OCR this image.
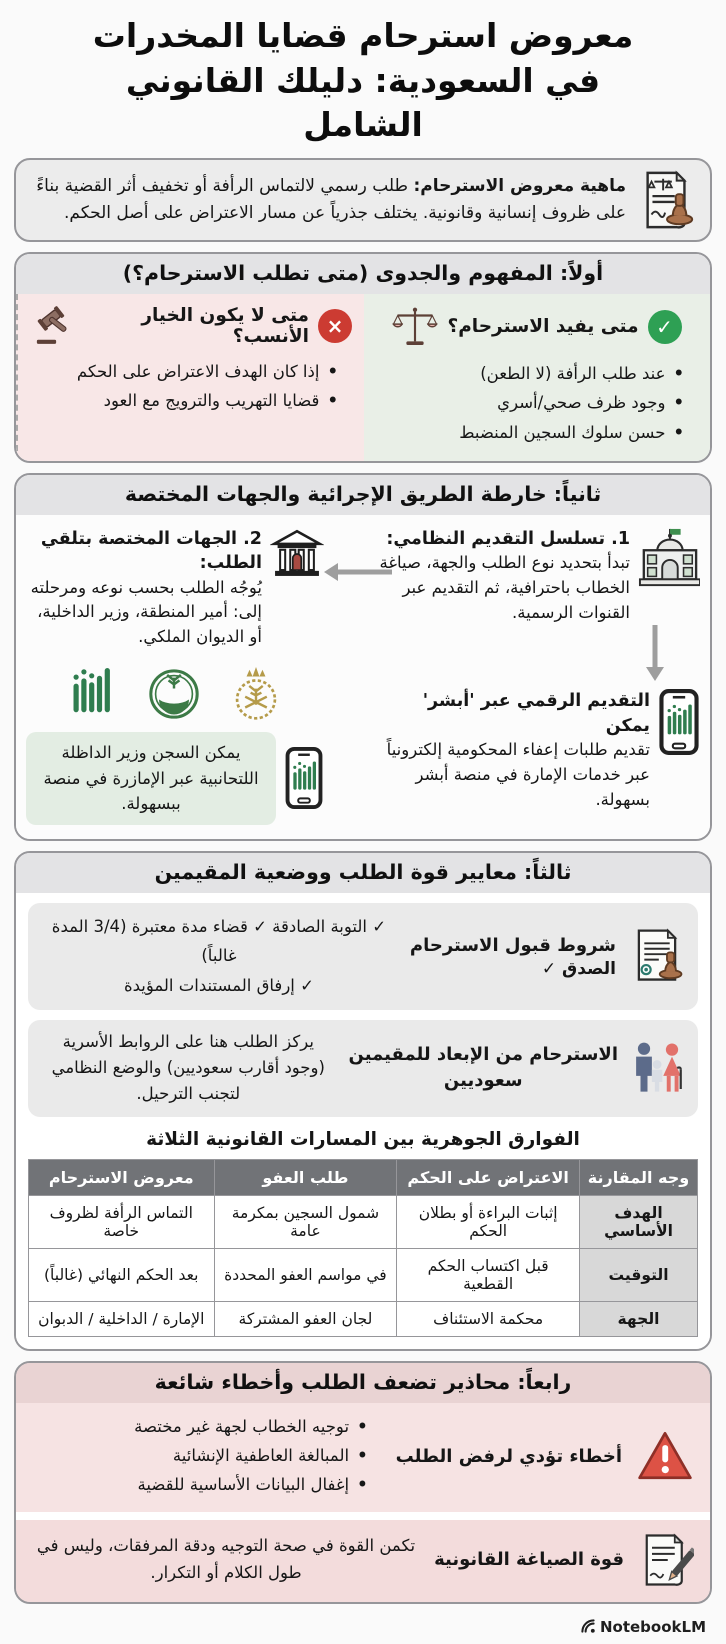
معروض استرحام قضايا المخدرات في السعودية: دليلك القانوني الشامل

ماهية معروض الاسترحام: طلب رسمي لالتماس الرأفة أو تخفيف أثر القضية بناءً على ظروف إنسانية وقانونية. يختلف جذرياً عن مسار الاعتراض على أصل الحكم.

أولاً: المفهوم والجدوى (متى تطلب الاسترحام؟)
✓
متى يفيد الاسترحام؟
• عند طلب الرأفة (لا الطعن)
• وجود ظرف صحي/أسري
• حسن سلوك السجين المنضبط
×
متى لا يكون الخيار الأنسب؟
• إذا كان الهدف الاعتراض على الحكم
• قضايا التهريب والترويج مع العود
ثانياً: خارطة الطريق الإجرائية والجهات المختصة
1. تسلسل التقديم النظامي:
تبدأ بتحديد نوع الطلب والجهة، صياغة الخطاب باحترافية، ثم التقديم عبر القنوات الرسمية.
التقديم الرقمي عبر 'أبشر' يمكن
تقديم طلبات إعفاء المحكومية إلكترونياً عبر خدمات الإمارة في منصة أبشر بسهولة.
2. الجهات المختصة بتلقي الطلب:
يُوجُه الطلب بحسب نوعه ومرحلته إلى: أمير المنطقة، وزير الداخلية، أو الديوان الملكي.
يمكن السجن وزير الداظلة اللتحانبية عبر الإمازرة في منصة ببسهولة.
ثالثاً: معايير قوة الطلب ووضعية المقيمين
شروط قبول الاسترحام
الصدق ✓
✓ التوبة الصادقة ✓ قضاء مدة معتبرة (3/4 المدة غالباً)
✓ إرفاق المستندات المؤيدة
الاسترحام من الإبعاد للمقيمين
سعوديين
يركز الطلب هنا على الروابط الأسرية (وجود أقارب سعوديين) والوضع النظامي لتجنب الترحيل.
الفوارق الجوهرية بين المسارات القانونية الثلاثة
وجه المقارنة	الاعتراض على الحكم	طلب العفو	معروض الاسترحام
الهدف الأساسي	إثبات البراءة أو بطلان الحكم	شمول السجين بمكرمة عامة	التماس الرأفة لظروف خاصة
التوقيت	قبل اكتساب الحكم القطعية	في مواسم العفو المحددة	بعد الحكم النهائي (غالباً)
الجهة	محكمة الاستئناف	لجان العفو المشتركة	الإمارة / الداخلية / الدبوان
رابعاً: محاذير تضعف الطلب وأخطاء شائعة
أخطاء تؤدي لرفض الطلب
• توجيه الخطاب لجهة غير مختصة
• المبالغة العاطفية الإنشائية
• إغفال البيانات الأساسية للقضية
قوة الصياغة القانونية
تكمن القوة في صحة التوجيه ودقة المرفقات، وليس في طول الكلام أو التكرار.
NotebookLM
